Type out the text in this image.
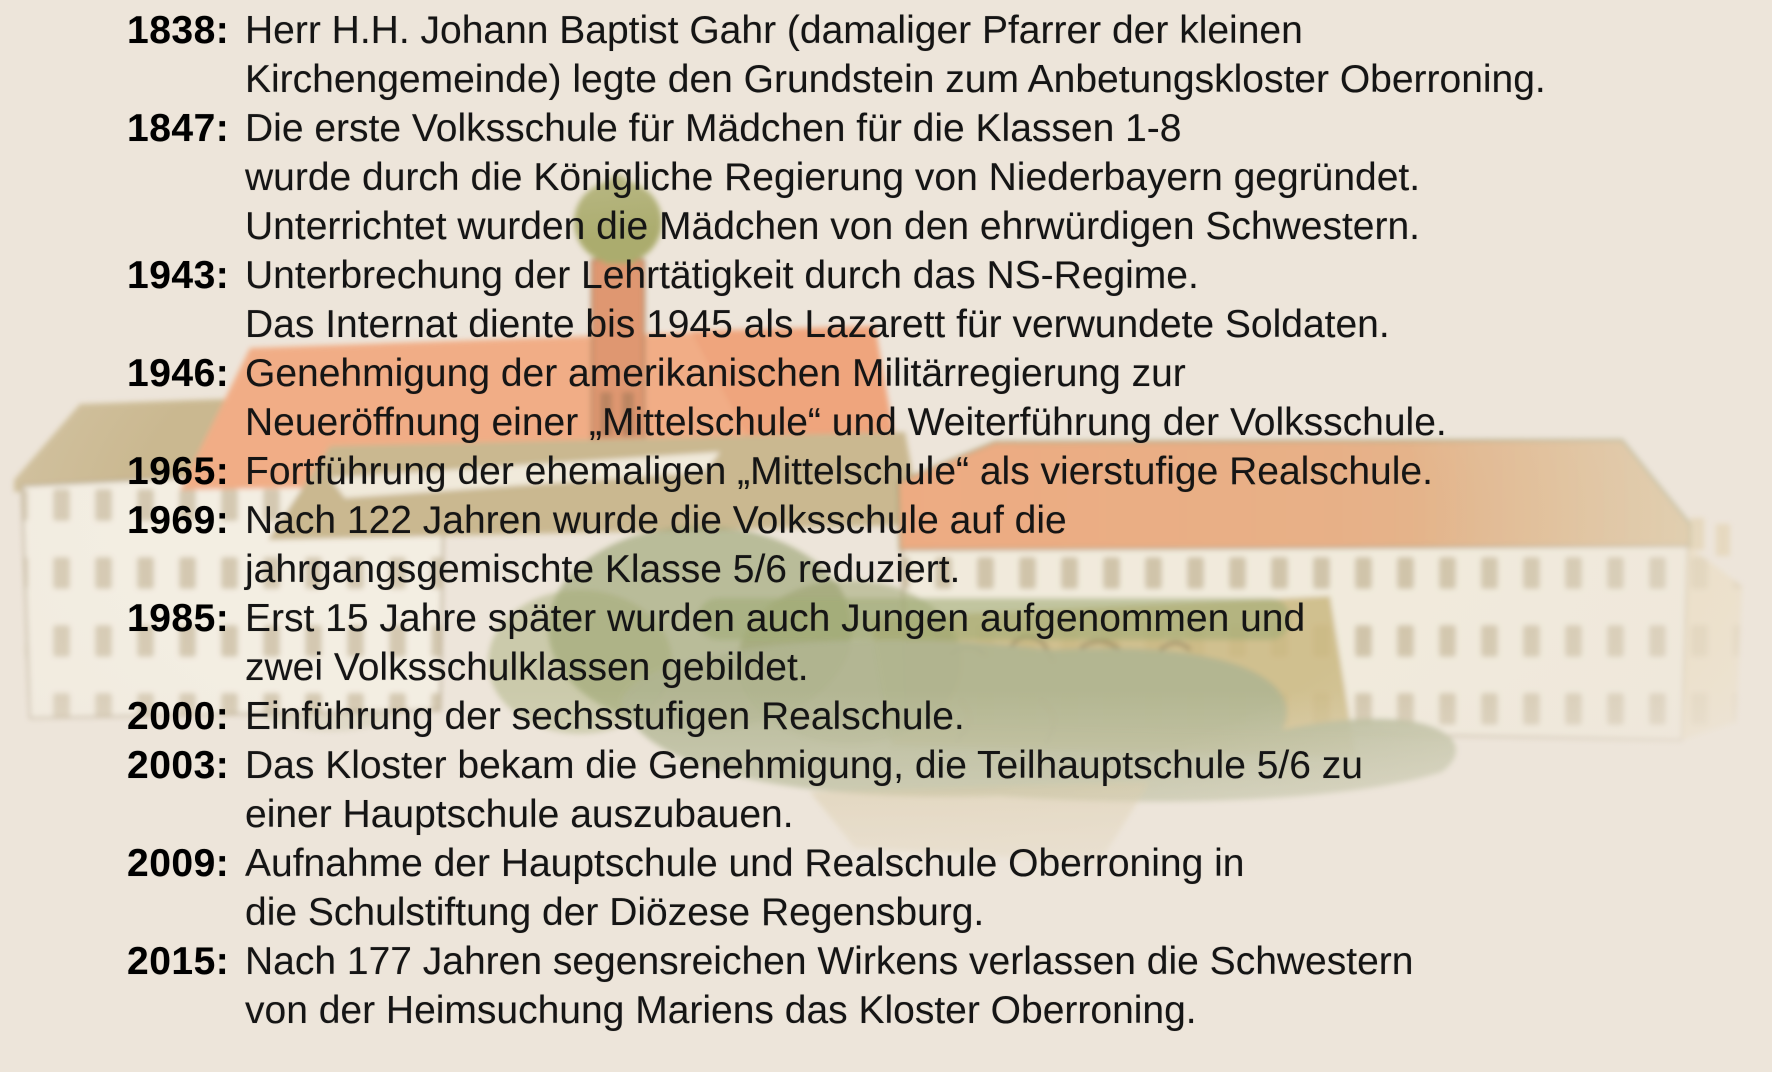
1838: Herr H.H. Johann Baptist Gahr (damaliger Pfarrer der kleinen
Kirchengemeinde) legte den Grundstein zum Anbetungskloster Oberroning.
1847: Die erste Volksschule für Mädchen für die Klassen 1-8
wurde durch die Königliche Regierung von Niederbayern gegründet.
Unterrichtet wurden die Mädchen von den ehrwürdigen Schwestern.
1943: Unterbrechung der Lehrtätigkeit durch das NS-Regime.
Das Internat diente bis 1945 als Lazarett für verwundete Soldaten.
1946: Genehmigung der amerikanischen Militärregierung zur
Neueröffnung einer „Mittelschule“ und Weiterführung der Volksschule.
1965: Fortführung der ehemaligen „Mittelschule“ als vierstufige Realschule.
1969: Nach 122 Jahren wurde die Volksschule auf die
jahrgangsgemischte Klasse 5/6 reduziert.
1985: Erst 15 Jahre später wurden auch Jungen aufgenommen und
zwei Volksschulklassen gebildet.
2000: Einführung der sechsstufigen Realschule.
2003: Das Kloster bekam die Genehmigung, die Teilhauptschule 5/6 zu
einer Hauptschule auszubauen.
2009: Aufnahme der Hauptschule und Realschule Oberroning in
die Schulstiftung der Diözese Regensburg.
2015: Nach 177 Jahren segensreichen Wirkens verlassen die Schwestern
von der Heimsuchung Mariens das Kloster Oberroning.
